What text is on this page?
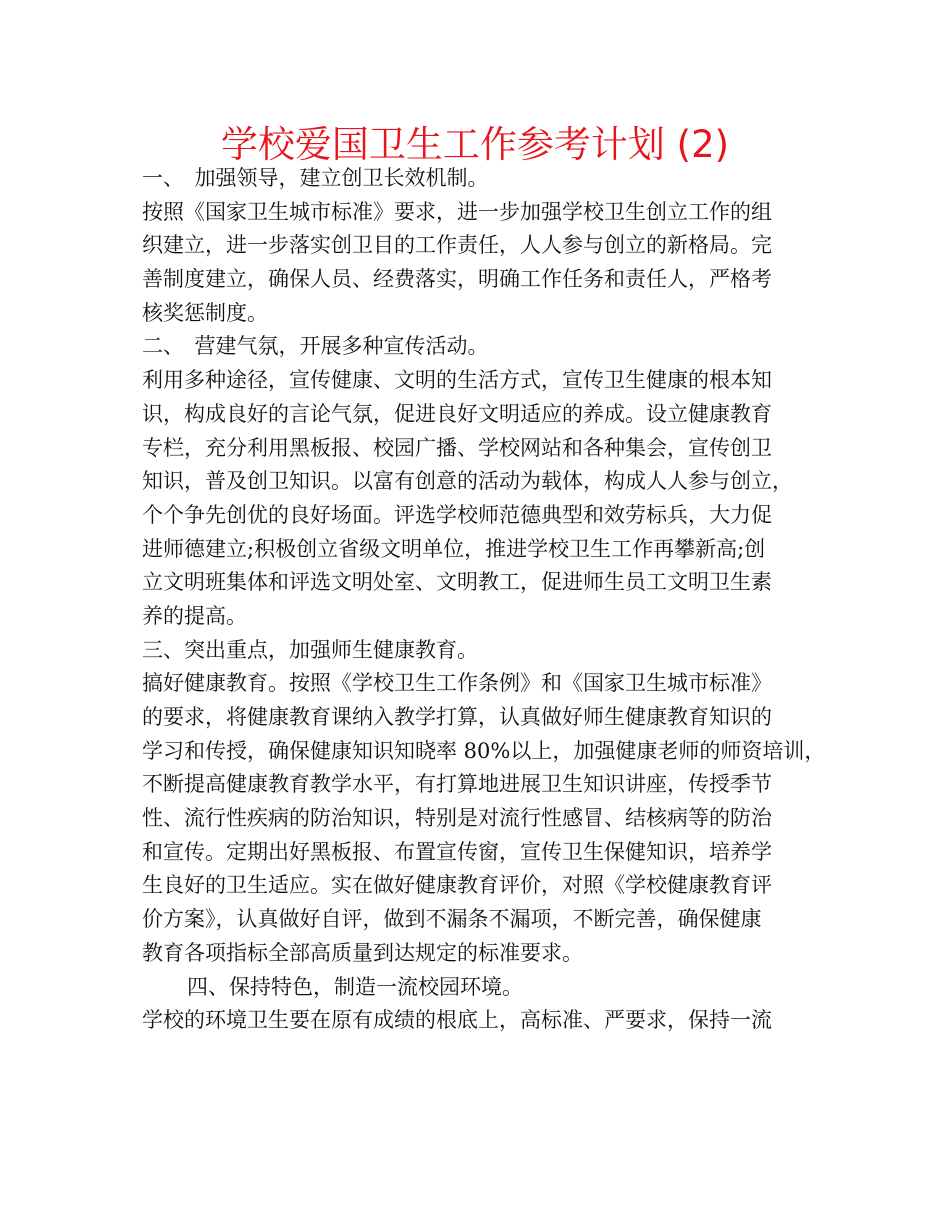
学校爱国卫生工作参考计划 (2)
一、　加强领导，建立创卫长效机制。
按照《国家卫生城市标准》要求，进一步加强学校卫生创立工作的组
织建立，进一步落实创卫目的工作责任，人人参与创立的新格局。完
善制度建立，确保人员、经费落实，明确工作任务和责任人，严格考
核奖惩制度。
二、　营建气氛，开展多种宣传活动。
利用多种途径，宣传健康、文明的生活方式，宣传卫生健康的根本知
识，构成良好的言论气氛，促进良好文明适应的养成。设立健康教育
专栏，充分利用黑板报、校园广播、学校网站和各种集会，宣传创卫
知识，普及创卫知识。以富有创意的活动为载体，构成人人参与创立，
个个争先创优的良好场面。评选学校师范德典型和效劳标兵，大力促
进师德建立;积极创立省级文明单位，推进学校卫生工作再攀新高;创
立文明班集体和评选文明处室、文明教工，促进师生员工文明卫生素
养的提高。
三、突出重点，加强师生健康教育。
搞好健康教育。按照《学校卫生工作条例》和《国家卫生城市标准》
的要求，将健康教育课纳入教学打算，认真做好师生健康教育知识的
学习和传授，确保健康知识知晓率 80%以上，加强健康老师的师资培训，
不断提高健康教育教学水平，有打算地进展卫生知识讲座，传授季节
性、流行性疾病的防治知识，特别是对流行性感冒、结核病等的防治
和宣传。定期出好黑板报、布置宣传窗，宣传卫生保健知识，培养学
生良好的卫生适应。实在做好健康教育评价，对照《学校健康教育评
价方案》，认真做好自评，做到不漏条不漏项，不断完善，确保健康
教育各项指标全部高质量到达规定的标准要求。
四、保持特色，制造一流校园环境。
学校的环境卫生要在原有成绩的根底上，高标准、严要求，保持一流
